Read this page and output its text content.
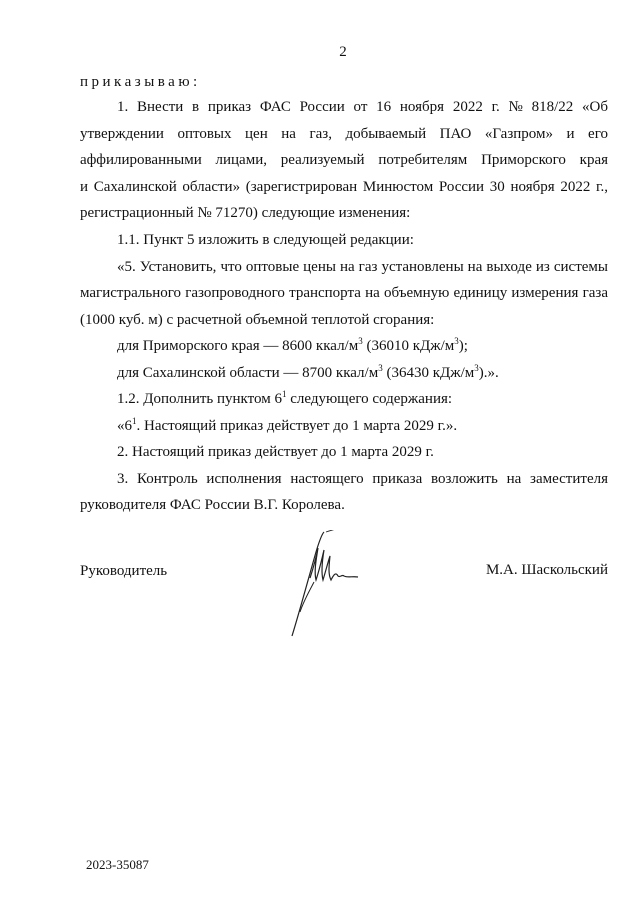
2
приказываю:
1. Внести в приказ ФАС России от 16 ноября 2022 г. № 818/22 «Об
утверждении оптовых цен на газ, добываемый ПАО «Газпром» и его
аффилированными лицами, реализуемый потребителям Приморского края
и Сахалинской области» (зарегистрирован Минюстом России 30 ноября 2022 г.,
регистрационный № 71270) следующие изменения:
1.1. Пункт 5 изложить в следующей редакции:
«5. Установить, что оптовые цены на газ установлены на выходе из системы
магистрального газопроводного транспорта на объемную единицу измерения газа
(1000 куб. м) с расчетной объемной теплотой сгорания:
для Приморского края — 8600 ккал/$м^3$ (36010 кДж/$м^3$);
для Сахалинской области — 8700 ккал/$м^3$ (36430 кДж/$м^3$).».
1.2. Дополнить пунктом $6^1$ следующего содержания:
«$6^1$. Настоящий приказ действует до 1 марта 2029 г.».
2. Настоящий приказ действует до 1 марта 2029 г.
3. Контроль исполнения настоящего приказа возложить на заместителя
руководителя ФАС России В.Г. Королева.
Руководитель	М.А. Шаскольский
2023-35087
